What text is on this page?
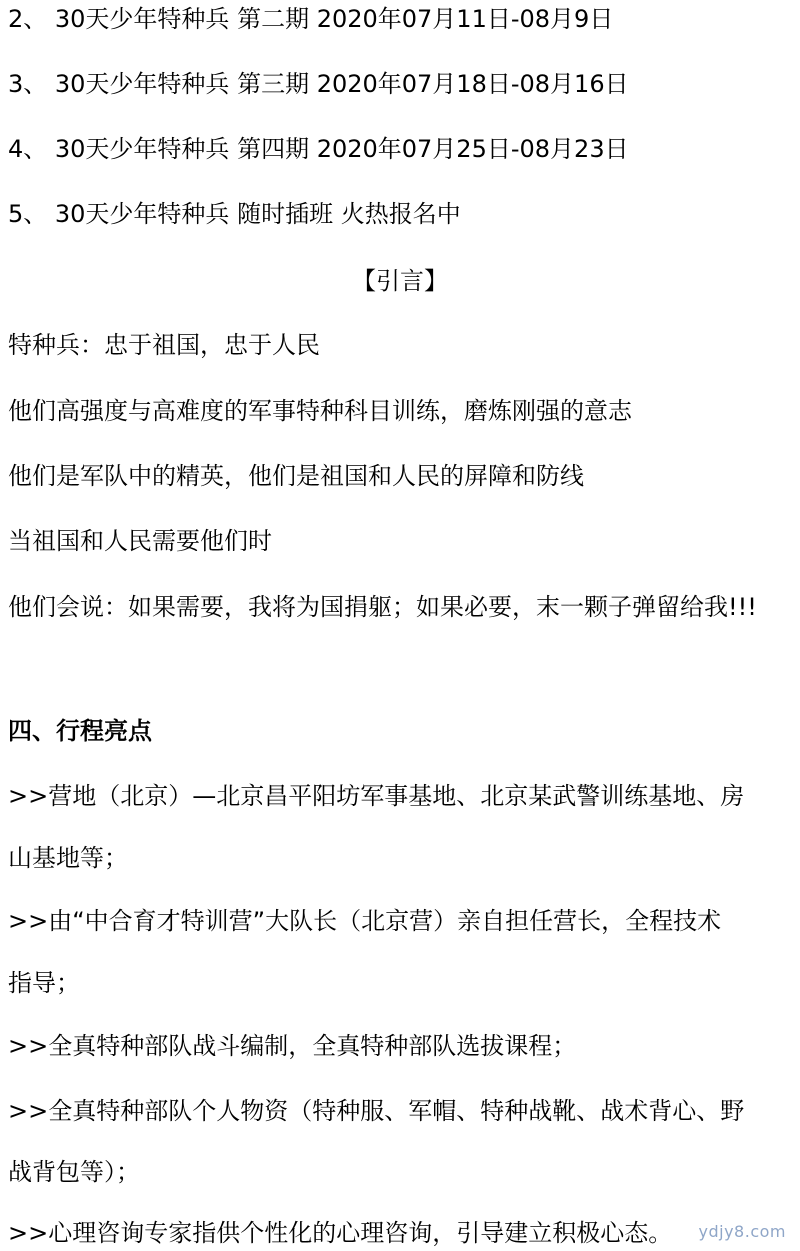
2、 30天少年特种兵 第二期 2020年07月11日-08月9日
3、 30天少年特种兵 第三期 2020年07月18日-08月16日
4、 30天少年特种兵 第四期 2020年07月25日-08月23日
5、 30天少年特种兵 随时插班 火热报名中
【引言】
特种兵：忠于祖国，忠于人民
他们高强度与高难度的军事特种科目训练，磨炼刚强的意志
他们是军队中的精英，他们是祖国和人民的屏障和防线
当祖国和人民需要他们时
他们会说：如果需要，我将为国捐躯；如果必要，末一颗子弹留给我!!!
四、行程亮点
>>营地（北京）—北京昌平阳坊军事基地、北京某武警训练基地、房
山基地等；
>>由“中合育才特训营”大队长（北京营）亲自担任营长，全程技术
指导；
>>全真特种部队战斗编制，全真特种部队选拔课程；
>>全真特种部队个人物资（特种服、军帽、特种战靴、战术背心、野
战背包等）；
>>心理咨询专家指供个性化的心理咨询，引导建立积极心态。 ydjy8.com
